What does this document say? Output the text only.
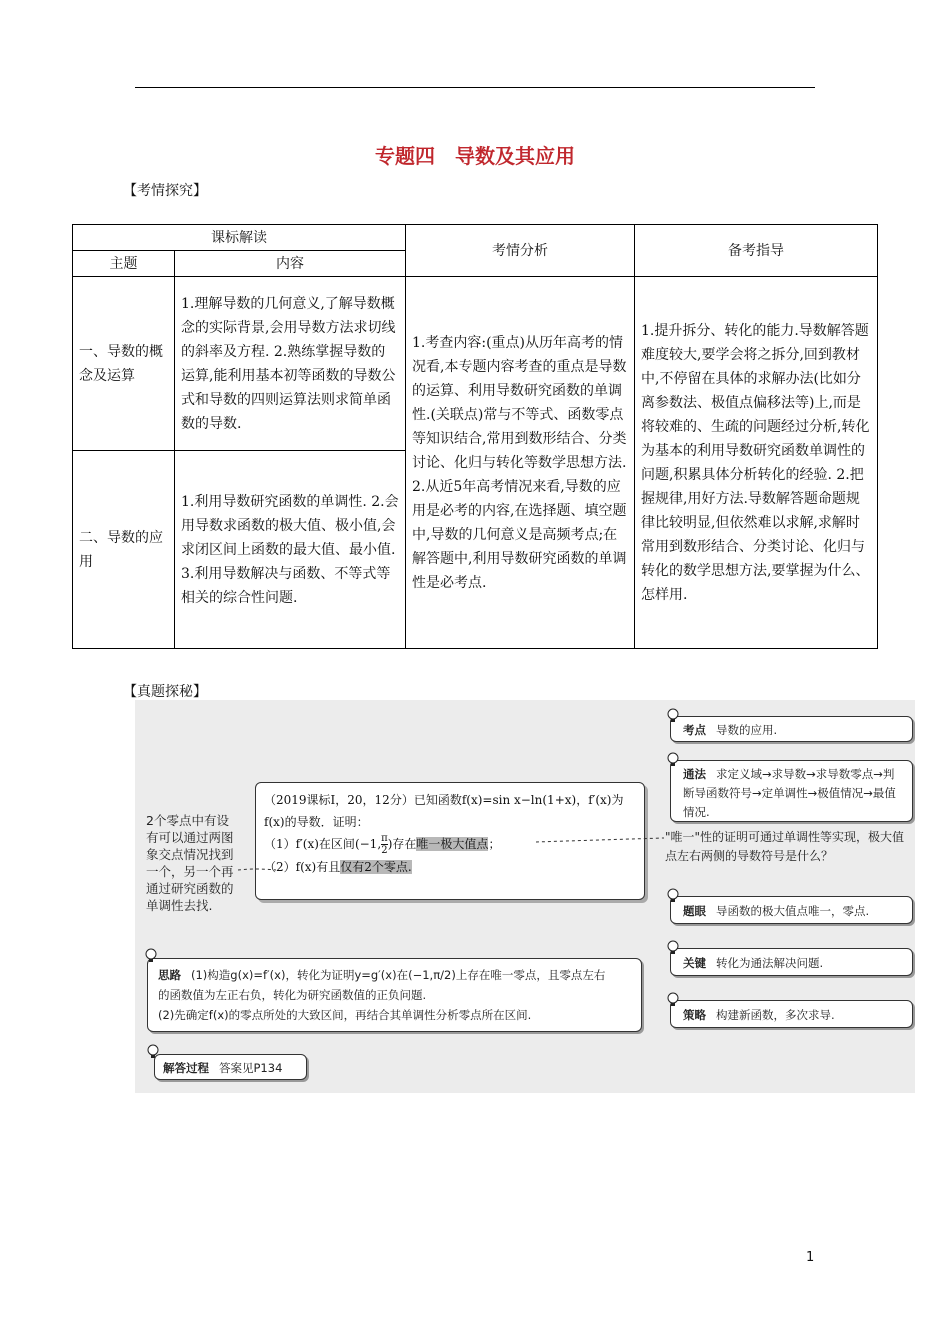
专题四　导数及其应用
【考情探究】
课标解读		考情分析	备考指导
主题	内容		
一、导数的概念及运算	1.理解导数的几何意义,了解导数概念的实际背景,会用导数方法求切线的斜率及方程. 2.熟练掌握导数的运算,能利用基本初等函数的导数公式和导数的四则运算法则求简单函数的导数.	1.考查内容:(重点)从历年高考的情况看,本专题内容考查的重点是导数的运算、利用导数研究函数的单调性.(关联点)常与不等式、函数零点等知识结合,常用到数形结合、分类讨论、化归与转化等数学思想方法. 2.从近5年高考情况来看,导数的应用是必考的内容,在选择题、填空题中,导数的几何意义是高频考点;在解答题中,利用导数研究函数的单调性是必考点.	1.提升拆分、转化的能力.导数解答题难度较大,要学会将之拆分,回到教材中,不停留在具体的求解办法(比如分离参数法、极值点偏移法等)上,而是将较难的、生疏的问题经过分析,转化为基本的利用导数研究函数单调性的问题,积累具体分析转化的经验. 2.把握规律,用好方法.导数解答题命题规律比较明显,但依然难以求解,求解时常用到数形结合、分类讨论、化归与转化的数学思想方法,要掌握为什么、怎样用.
二、导数的应用	1.利用导数研究函数的单调性. 2.会用导数求函数的极大值、极小值,会求闭区间上函数的最大值、最小值. 3.利用导数解决与函数、不等式等相关的综合性问题.		
【真题探秘】
考点 导数的应用.
通法 求定义域→求导数→求导数零点→判断导函数符号→定单调性→极值情况→最值情况.
"唯一"性的证明可通过单调性等实现，极大值点左右两侧的导数符号是什么？
题眼 导函数的极大值点唯一，零点.
关键 转化为通法解决问题.
策略 构建新函数，多次求导.
2个零点中有设有可以通过两图象交点情况找到一个，另一个再通过研究函数的单调性去找.
（2019课标Ⅰ，20，12分）已知函数f(x)=sin x−ln(1+x)，f′(x)为f(x)的导数．证明：
（1）f′(x)在区间(−1, $\frac{\pi}{2}$ )存在唯一极大值点；
（2）f(x)有且仅有2个零点.
思路 (1)构造g(x)=f′(x)，转化为证明y=g′(x)在(−1,π/2)上存在唯一零点，且零点左右
的函数值为左正右负，转化为研究函数值的正负问题.
(2)先确定f(x)的零点所处的大致区间，再结合其单调性分析零点所在区间.
解答过程 答案见P134
1
